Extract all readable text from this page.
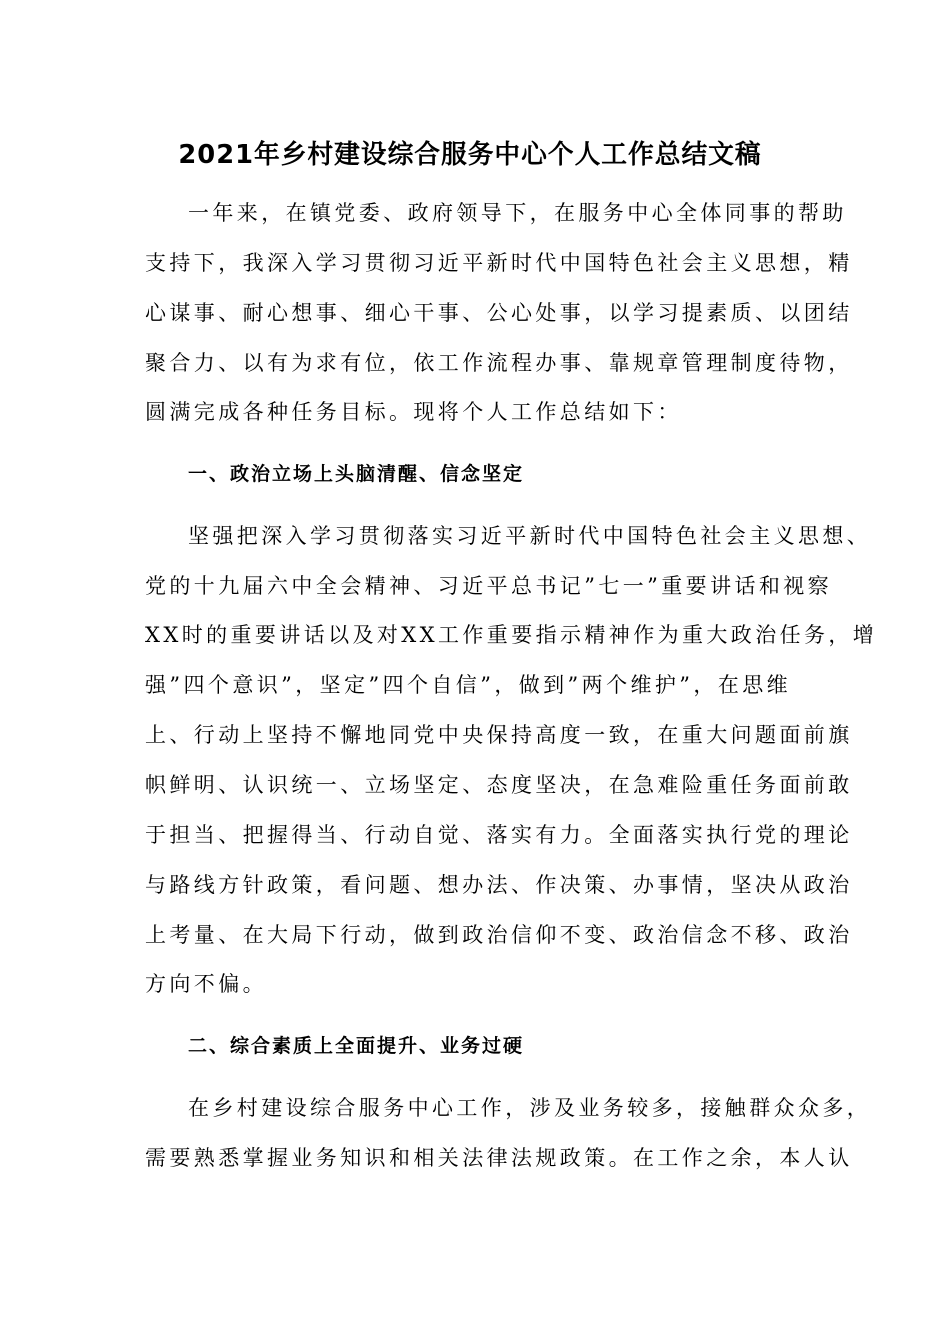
2021年乡村建设综合服务中心个人工作总结文稿
一年来，在镇党委、政府领导下，在服务中心全体同事的帮助
支持下，我深入学习贯彻习近平新时代中国特色社会主义思想，精
心谋事、耐心想事、细心干事、公心处事，以学习提素质、以团结
聚合力、以有为求有位，依工作流程办事、靠规章管理制度待物，
圆满完成各种任务目标。现将个人工作总结如下：
一、政治立场上头脑清醒、信念坚定
坚强把深入学习贯彻落实习近平新时代中国特色社会主义思想、
党的十九届六中全会精神、习近平总书记”七一”重要讲话和视察
XX时的重要讲话以及对XX工作重要指示精神作为重大政治任务，增
强”四个意识”，坚定”四个自信”，做到”两个维护”，在思维
上、行动上坚持不懈地同党中央保持高度一致，在重大问题面前旗
帜鲜明、认识统一、立场坚定、态度坚决，在急难险重任务面前敢
于担当、把握得当、行动自觉、落实有力。全面落实执行党的理论
与路线方针政策，看问题、想办法、作决策、办事情，坚决从政治
上考量、在大局下行动，做到政治信仰不变、政治信念不移、政治
方向不偏。
二、综合素质上全面提升、业务过硬
在乡村建设综合服务中心工作，涉及业务较多，接触群众众多，
需要熟悉掌握业务知识和相关法律法规政策。在工作之余，本人认
